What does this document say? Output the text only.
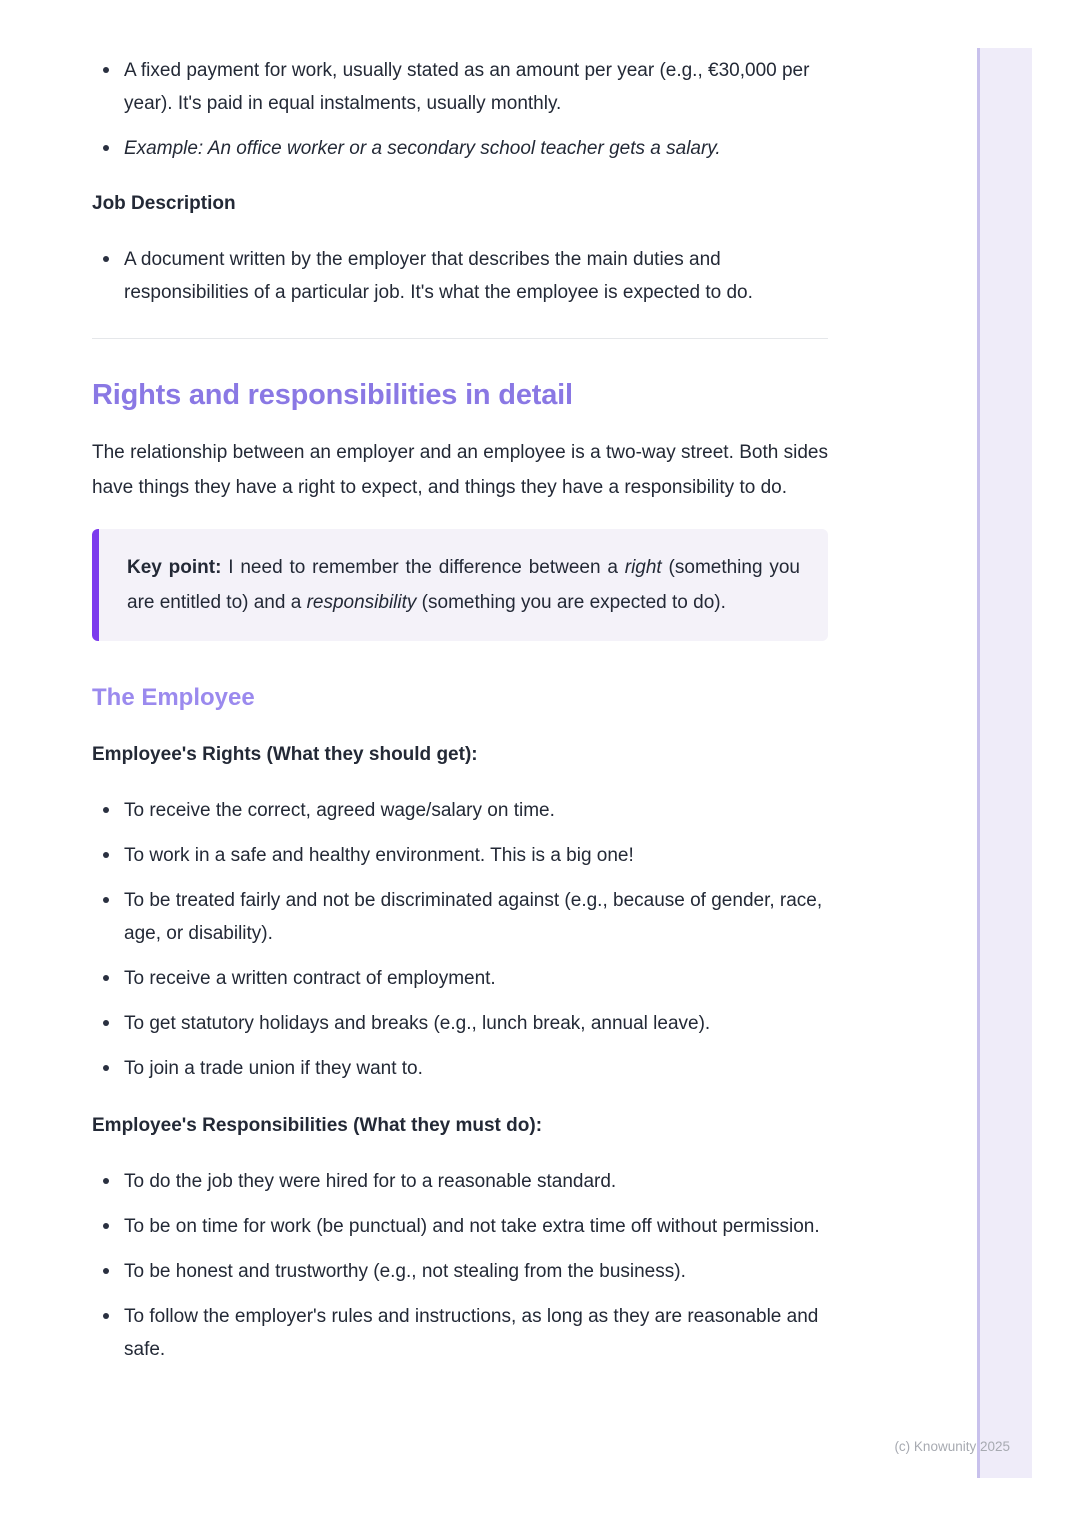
A fixed payment for work, usually stated as an amount per year (e.g., €30,000 per year). It's paid in equal instalments, usually monthly.
Example: An office worker or a secondary school teacher gets a salary.
Job Description
A document written by the employer that describes the main duties and responsibilities of a particular job. It's what the employee is expected to do.
Rights and responsibilities in detail

The relationship between an employer and an employee is a two-way street. Both sides have things they have a right to expect, and things they have a responsibility to do.

Key point: I need to remember the difference between a right (something you are entitled to) and a responsibility (something you are expected to do).

The Employee
Employee's Rights (What they should get):
To receive the correct, agreed wage/salary on time.
To work in a safe and healthy environment. This is a big one!
To be treated fairly and not be discriminated against (e.g., because of gender, race, age, or disability).
To receive a written contract of employment.
To get statutory holidays and breaks (e.g., lunch break, annual leave).
To join a trade union if they want to.
Employee's Responsibilities (What they must do):
To do the job they were hired for to a reasonable standard.
To be on time for work (be punctual) and not take extra time off without permission.
To be honest and trustworthy (e.g., not stealing from the business).
To follow the employer's rules and instructions, as long as they are reasonable and safe.
(c) Knowunity 2025
